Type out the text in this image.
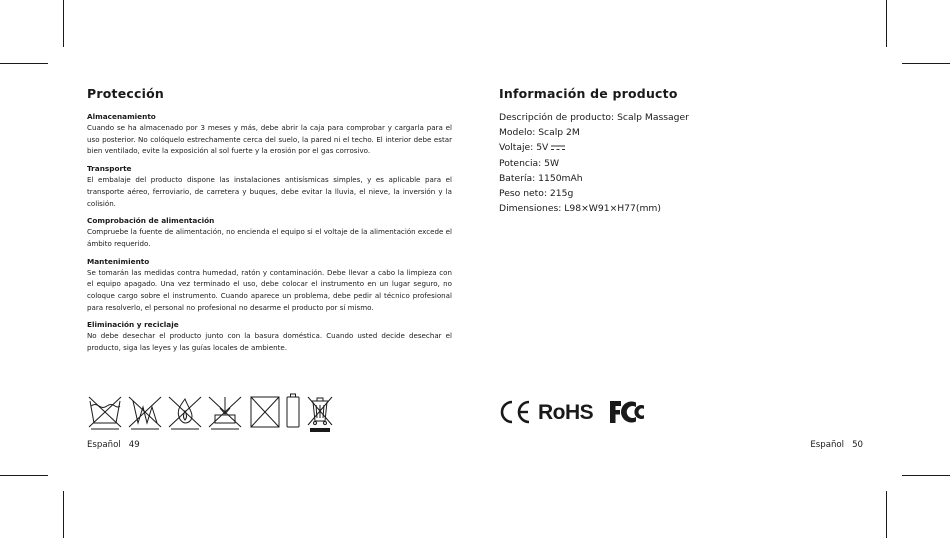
Protección
Almacenamiento

Cuando se ha almacenado por 3 meses y más, debe abrir la caja para comprobar y cargarla para el uso posterior. No colóquelo estrechamente cerca del suelo, la pared ni el techo. El interior debe estar bien ventilado, evite la exposición al sol fuerte y la erosión por el gas corrosivo.

Transporte

El embalaje del producto dispone las instalaciones antisísmicas simples, y es aplicable para el transporte aéreo, ferroviario, de carretera y buques, debe evitar la lluvia, el nieve, la inversión y la colisión.

Comprobación de alimentación

Compruebe la fuente de alimentación, no encienda el equipo si el voltaje de la alimentación excede el ámbito requerido.

Mantenimiento

Se tomarán las medidas contra humedad, ratón y contaminación. Debe llevar a cabo la limpieza con el equipo apagado. Una vez terminado el uso, debe colocar el instrumento en un lugar seguro, no coloque cargo sobre el instrumento. Cuando aparece un problema, debe pedir al técnico profesional para resolverlo, el personal no profesional no desarme el producto por sí mismo.

Eliminación y reciclaje

No debe desechar el producto junto con la basura doméstica. Cuando usted decide desechar el producto, siga las leyes y las guías locales de ambiente.

Español 49
Información de producto
Descripción de producto: Scalp Massager
Modelo: Scalp 2M
Voltaje: 5V
Potencia: 5W
Batería: 1150mAh
Peso neto: 215g
Dimensiones: L98×W91×H77(mm)
RoHS
Español 50
